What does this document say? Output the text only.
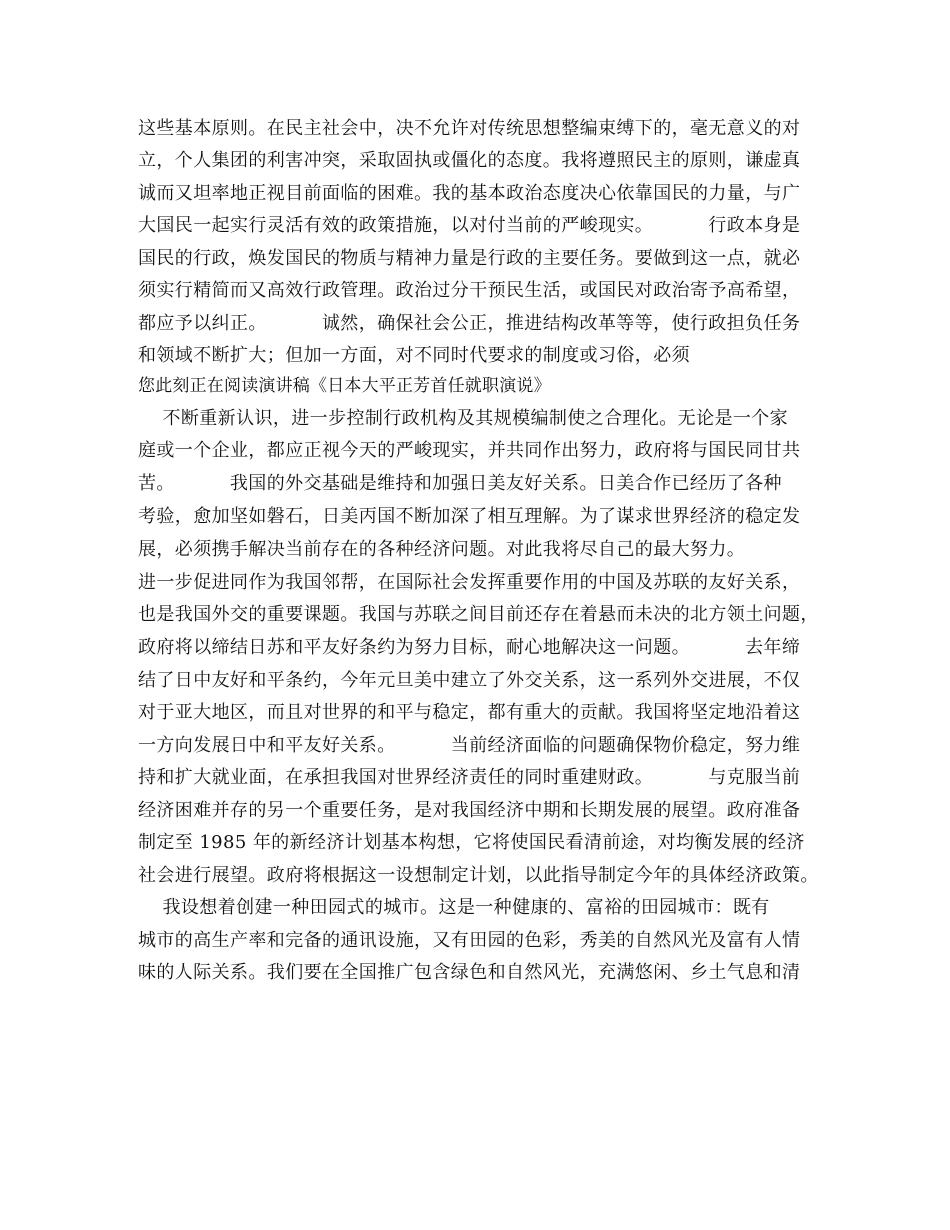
这些基本原则。在民主社会中，决不允许对传统思想整编束缚下的，毫无意义的对
立，个人集团的利害冲突，采取固执或僵化的态度。我将遵照民主的原则，谦虚真
诚而又坦率地正视目前面临的困难。我的基本政治态度决心依靠国民的力量，与广
大国民一起实行灵活有效的政策措施，以对付当前的严峻现实。         行政本身是
国民的行政，焕发国民的物质与精神力量是行政的主要任务。要做到这一点，就必
须实行精简而又高效行政管理。政治过分干预民生活，或国民对政治寄予高希望，
都应予以纠正。         诚然，确保社会公正，推进结构改革等等，使行政担负任务
和领域不断扩大；但加一方面，对不同时代要求的制度或习俗，必须
您此刻正在阅读演讲稿《日本大平正芳首任就职演说》
不断重新认识，进一步控制行政机构及其规模编制使之合理化。无论是一个家
庭或一个企业，都应正视今天的严峻现实，并共同作出努力，政府将与国民同甘共
苦。         我国的外交基础是维持和加强日美友好关系。日美合作已经历了各种
考验，愈加坚如磐石，日美丙国不断加深了相互理解。为了谋求世界经济的稳定发
展，必须携手解决当前存在的各种经济问题。对此我将尽自己的最大努力。
进一步促进同作为我国邻帮，在国际社会发挥重要作用的中国及苏联的友好关系，
也是我国外交的重要课题。我国与苏联之间目前还存在着悬而未决的北方领土问题，
政府将以缔结日苏和平友好条约为努力目标，耐心地解决这一问题。         去年缔
结了日中友好和平条约，今年元旦美中建立了外交关系，这一系列外交进展，不仅
对于亚大地区，而且对世界的和平与稳定，都有重大的贡献。我国将坚定地沿着这
一方向发展日中和平友好关系。         当前经济面临的问题确保物价稳定，努力维
持和扩大就业面，在承担我国对世界经济责任的同时重建财政。         与克服当前
经济困难并存的另一个重要任务，是对我国经济中期和长期发展的展望。政府准备
制定至 1985 年的新经济计划基本构想，它将使国民看清前途，对均衡发展的经济
社会进行展望。政府将根据这一设想制定计划，以此指导制定今年的具体经济政策。
我设想着创建一种田园式的城市。这是一种健康的、富裕的田园城市：既有
城市的高生产率和完备的通讯设施，又有田园的色彩，秀美的自然风光及富有人情
味的人际关系。我们要在全国推广包含绿色和自然风光，充满悠闲、乡土气息和清
